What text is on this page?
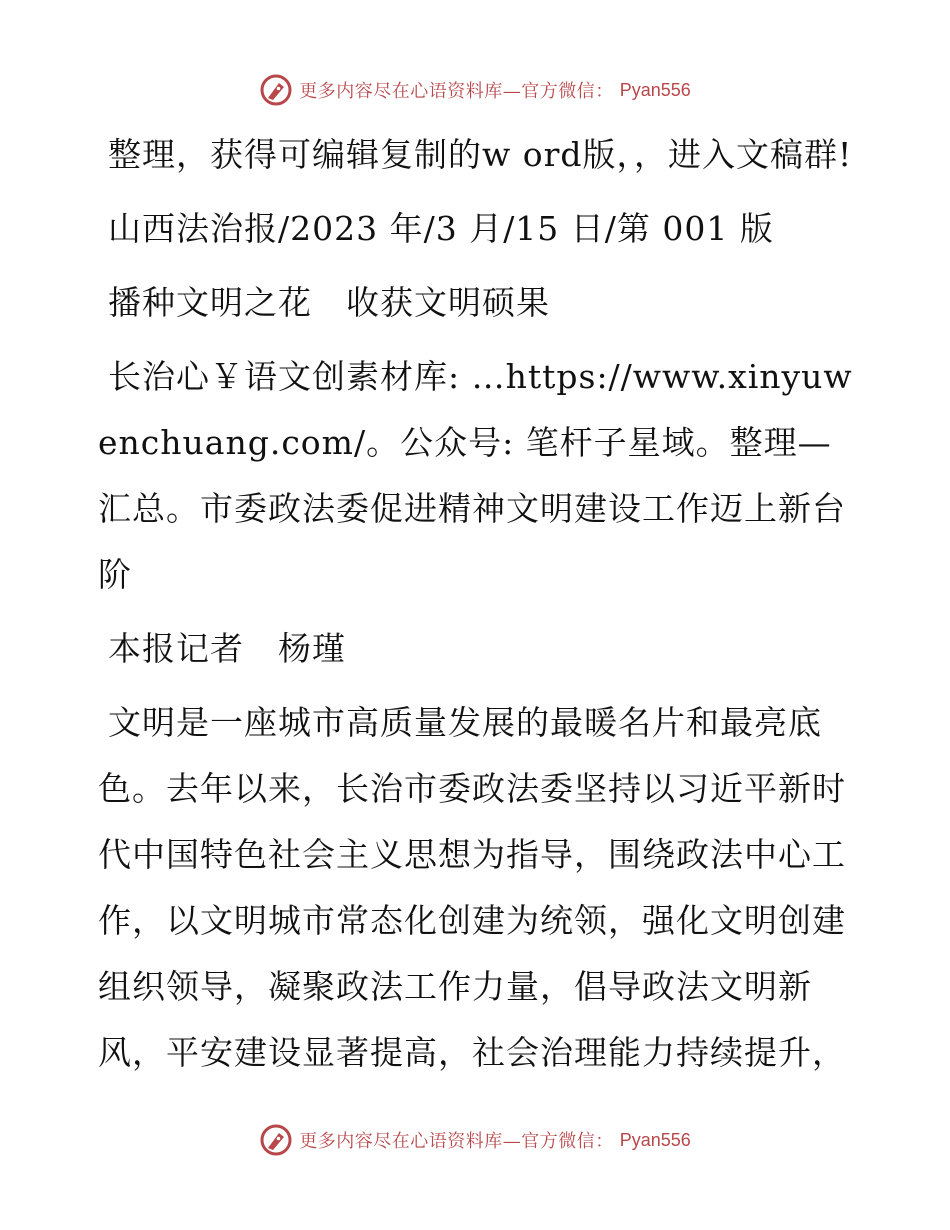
更多内容尽在心语资料库—官方微信： Pyan556

整理，获得可编辑复制的w ord版，，进入文稿群!

山西法治报/2023 年/3 月/15 日/第 001 版

播种文明之花　收获文明硕果

长治心￥语文创素材库: …https://www.xinyuwenchuang.com/。公众号: 笔杆子星域。整理—汇总。市委政法委促进精神文明建设工作迈上新台阶

本报记者　杨瑾

文明是一座城市高质量发展的最暖名片和最亮底色。去年以来，长治市委政法委坚持以习近平新时代中国特色社会主义思想为指导，围绕政法中心工作，以文明城市常态化创建为统领，强化文明创建组织领导，凝聚政法工作力量，倡导政法文明新风，平安建设显著提高，社会治理能力持续提升，

更多内容尽在心语资料库—官方微信： Pyan556
